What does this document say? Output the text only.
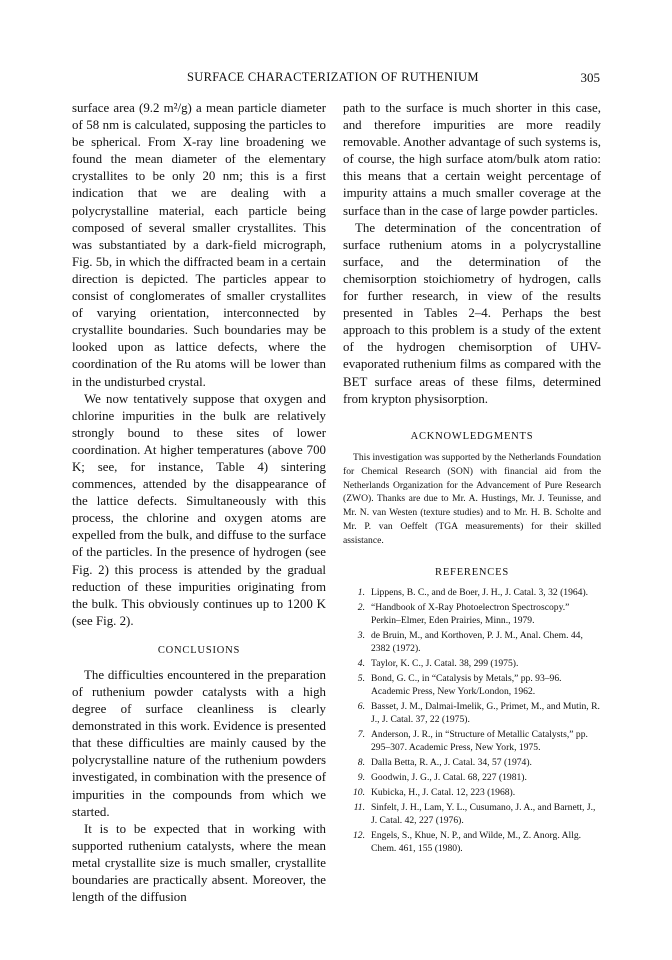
SURFACE CHARACTERIZATION OF RUTHENIUM	305

surface area (9.2 m²/g) a mean particle diameter of 58 nm is calculated, supposing the particles to be spherical. From X-ray line broadening we found the mean diameter of the elementary crystallites to be only 20 nm; this is a first indication that we are dealing with a polycrystalline material, each particle being composed of several smaller crystallites. This was substantiated by a dark-field micrograph, Fig. 5b, in which the diffracted beam in a certain direction is depicted. The particles appear to consist of conglomerates of smaller crystallites of varying orientation, interconnected by crystallite boundaries. Such boundaries may be looked upon as lattice defects, where the coordination of the Ru atoms will be lower than in the undisturbed crystal.

We now tentatively suppose that oxygen and chlorine impurities in the bulk are relatively strongly bound to these sites of lower coordination. At higher temperatures (above 700 K; see, for instance, Table 4) sintering commences, attended by the disappearance of the lattice defects. Simultaneously with this process, the chlorine and oxygen atoms are expelled from the bulk, and diffuse to the surface of the particles. In the presence of hydrogen (see Fig. 2) this process is attended by the gradual reduction of these impurities originating from the bulk. This obviously continues up to 1200 K (see Fig. 2).

CONCLUSIONS

The difficulties encountered in the preparation of ruthenium powder catalysts with a high degree of surface cleanliness is clearly demonstrated in this work. Evidence is presented that these difficulties are mainly caused by the polycrystalline nature of the ruthenium powders investigated, in combination with the presence of impurities in the compounds from which we started.

It is to be expected that in working with supported ruthenium catalysts, where the mean metal crystallite size is much smaller, crystallite boundaries are practically absent. Moreover, the length of the diffusion

path to the surface is much shorter in this case, and therefore impurities are more readily removable. Another advantage of such systems is, of course, the high surface atom/bulk atom ratio: this means that a certain weight percentage of impurity attains a much smaller coverage at the surface than in the case of large powder particles.

The determination of the concentration of surface ruthenium atoms in a polycrystalline surface, and the determination of the chemisorption stoichiometry of hydrogen, calls for further research, in view of the results presented in Tables 2–4. Perhaps the best approach to this problem is a study of the extent of the hydrogen chemisorption of UHV-evaporated ruthenium films as compared with the BET surface areas of these films, determined from krypton physisorption.

ACKNOWLEDGMENTS

This investigation was supported by the Netherlands Foundation for Chemical Research (SON) with financial aid from the Netherlands Organization for the Advancement of Pure Research (ZWO). Thanks are due to Mr. A. Hustings, Mr. J. Teunisse, and Mr. N. van Westen (texture studies) and to Mr. H. B. Scholte and Mr. P. van Oeffelt (TGA measurements) for their skilled assistance.

REFERENCES

1. Lippens, B. C., and de Boer, J. H., J. Catal. 3, 32 (1964).
2. “Handbook of X-Ray Photoelectron Spectroscopy.” Perkin–Elmer, Eden Prairies, Minn., 1979.
3. de Bruin, M., and Korthoven, P. J. M., Anal. Chem. 44, 2382 (1972).
4. Taylor, K. C., J. Catal. 38, 299 (1975).
5. Bond, G. C., in “Catalysis by Metals,” pp. 93–96. Academic Press, New York/London, 1962.
6. Basset, J. M., Dalmai-Imelik, G., Primet, M., and Mutin, R. J., J. Catal. 37, 22 (1975).
7. Anderson, J. R., in “Structure of Metallic Catalysts,” pp. 295–307. Academic Press, New York, 1975.
8. Dalla Betta, R. A., J. Catal. 34, 57 (1974).
9. Goodwin, J. G., J. Catal. 68, 227 (1981).
10. Kubicka, H., J. Catal. 12, 223 (1968).
11. Sinfelt, J. H., Lam, Y. L., Cusumano, J. A., and Barnett, J., J. Catal. 42, 227 (1976).
12. Engels, S., Khue, N. P., and Wilde, M., Z. Anorg. Allg. Chem. 461, 155 (1980).
